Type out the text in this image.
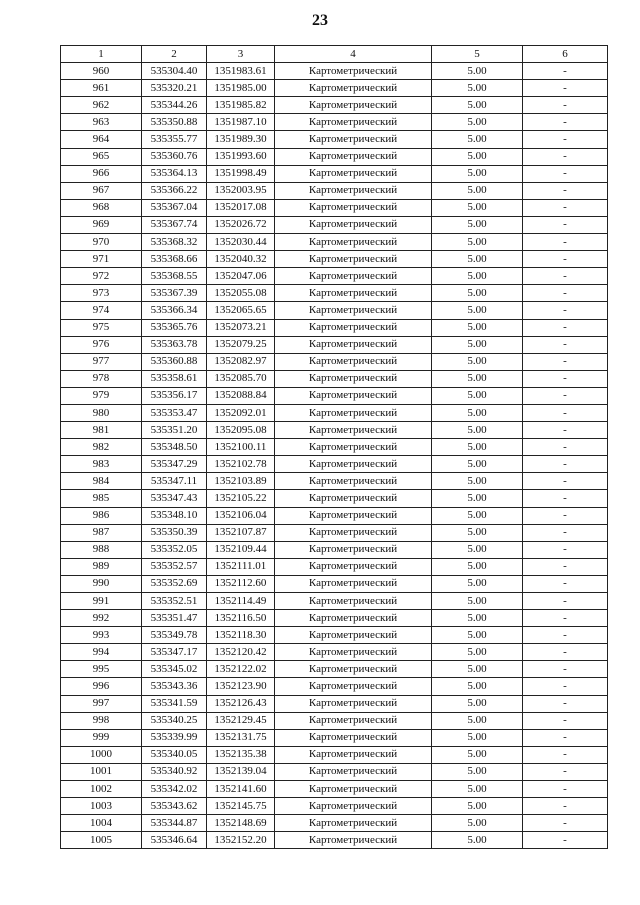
23
1	2	3	4	5	6
960	535304.40	1351983.61	Картометрический	5.00	-
961	535320.21	1351985.00	Картометрический	5.00	-
962	535344.26	1351985.82	Картометрический	5.00	-
963	535350.88	1351987.10	Картометрический	5.00	-
964	535355.77	1351989.30	Картометрический	5.00	-
965	535360.76	1351993.60	Картометрический	5.00	-
966	535364.13	1351998.49	Картометрический	5.00	-
967	535366.22	1352003.95	Картометрический	5.00	-
968	535367.04	1352017.08	Картометрический	5.00	-
969	535367.74	1352026.72	Картометрический	5.00	-
970	535368.32	1352030.44	Картометрический	5.00	-
971	535368.66	1352040.32	Картометрический	5.00	-
972	535368.55	1352047.06	Картометрический	5.00	-
973	535367.39	1352055.08	Картометрический	5.00	-
974	535366.34	1352065.65	Картометрический	5.00	-
975	535365.76	1352073.21	Картометрический	5.00	-
976	535363.78	1352079.25	Картометрический	5.00	-
977	535360.88	1352082.97	Картометрический	5.00	-
978	535358.61	1352085.70	Картометрический	5.00	-
979	535356.17	1352088.84	Картометрический	5.00	-
980	535353.47	1352092.01	Картометрический	5.00	-
981	535351.20	1352095.08	Картометрический	5.00	-
982	535348.50	1352100.11	Картометрический	5.00	-
983	535347.29	1352102.78	Картометрический	5.00	-
984	535347.11	1352103.89	Картометрический	5.00	-
985	535347.43	1352105.22	Картометрический	5.00	-
986	535348.10	1352106.04	Картометрический	5.00	-
987	535350.39	1352107.87	Картометрический	5.00	-
988	535352.05	1352109.44	Картометрический	5.00	-
989	535352.57	1352111.01	Картометрический	5.00	-
990	535352.69	1352112.60	Картометрический	5.00	-
991	535352.51	1352114.49	Картометрический	5.00	-
992	535351.47	1352116.50	Картометрический	5.00	-
993	535349.78	1352118.30	Картометрический	5.00	-
994	535347.17	1352120.42	Картометрический	5.00	-
995	535345.02	1352122.02	Картометрический	5.00	-
996	535343.36	1352123.90	Картометрический	5.00	-
997	535341.59	1352126.43	Картометрический	5.00	-
998	535340.25	1352129.45	Картометрический	5.00	-
999	535339.99	1352131.75	Картометрический	5.00	-
1000	535340.05	1352135.38	Картометрический	5.00	-
1001	535340.92	1352139.04	Картометрический	5.00	-
1002	535342.02	1352141.60	Картометрический	5.00	-
1003	535343.62	1352145.75	Картометрический	5.00	-
1004	535344.87	1352148.69	Картометрический	5.00	-
1005	535346.64	1352152.20	Картометрический	5.00	-
